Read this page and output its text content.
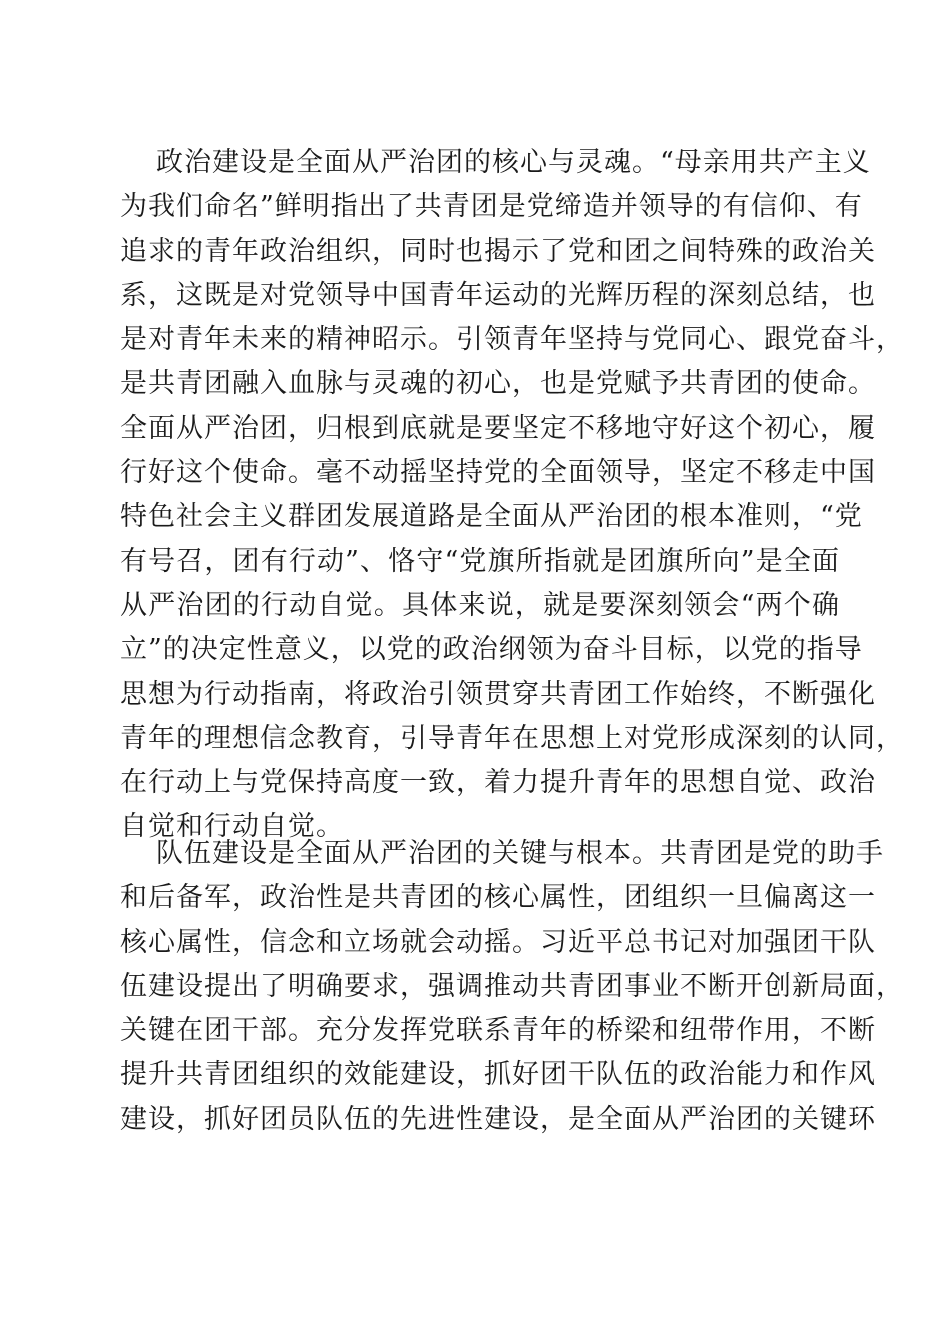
政治建设是全面从严治团的核心与灵魂。“母亲用共产主义
为我们命名”鲜明指出了共青团是党缔造并领导的有信仰、有
追求的青年政治组织，同时也揭示了党和团之间特殊的政治关
系，这既是对党领导中国青年运动的光辉历程的深刻总结，也
是对青年未来的精神昭示。引领青年坚持与党同心、跟党奋斗，
是共青团融入血脉与灵魂的初心，也是党赋予共青团的使命。
全面从严治团，归根到底就是要坚定不移地守好这个初心，履
行好这个使命。毫不动摇坚持党的全面领导，坚定不移走中国
特色社会主义群团发展道路是全面从严治团的根本准则，“党
有号召，团有行动”、恪守“党旗所指就是团旗所向”是全面
从严治团的行动自觉。具体来说，就是要深刻领会“两个确
立”的决定性意义，以党的政治纲领为奋斗目标，以党的指导
思想为行动指南，将政治引领贯穿共青团工作始终，不断强化
青年的理想信念教育，引导青年在思想上对党形成深刻的认同，
在行动上与党保持高度一致，着力提升青年的思想自觉、政治
自觉和行动自觉。
队伍建设是全面从严治团的关键与根本。共青团是党的助手
和后备军，政治性是共青团的核心属性，团组织一旦偏离这一
核心属性，信念和立场就会动摇。习近平总书记对加强团干队
伍建设提出了明确要求，强调推动共青团事业不断开创新局面，
关键在团干部。充分发挥党联系青年的桥梁和纽带作用，不断
提升共青团组织的效能建设，抓好团干队伍的政治能力和作风
建设，抓好团员队伍的先进性建设，是全面从严治团的关键环
